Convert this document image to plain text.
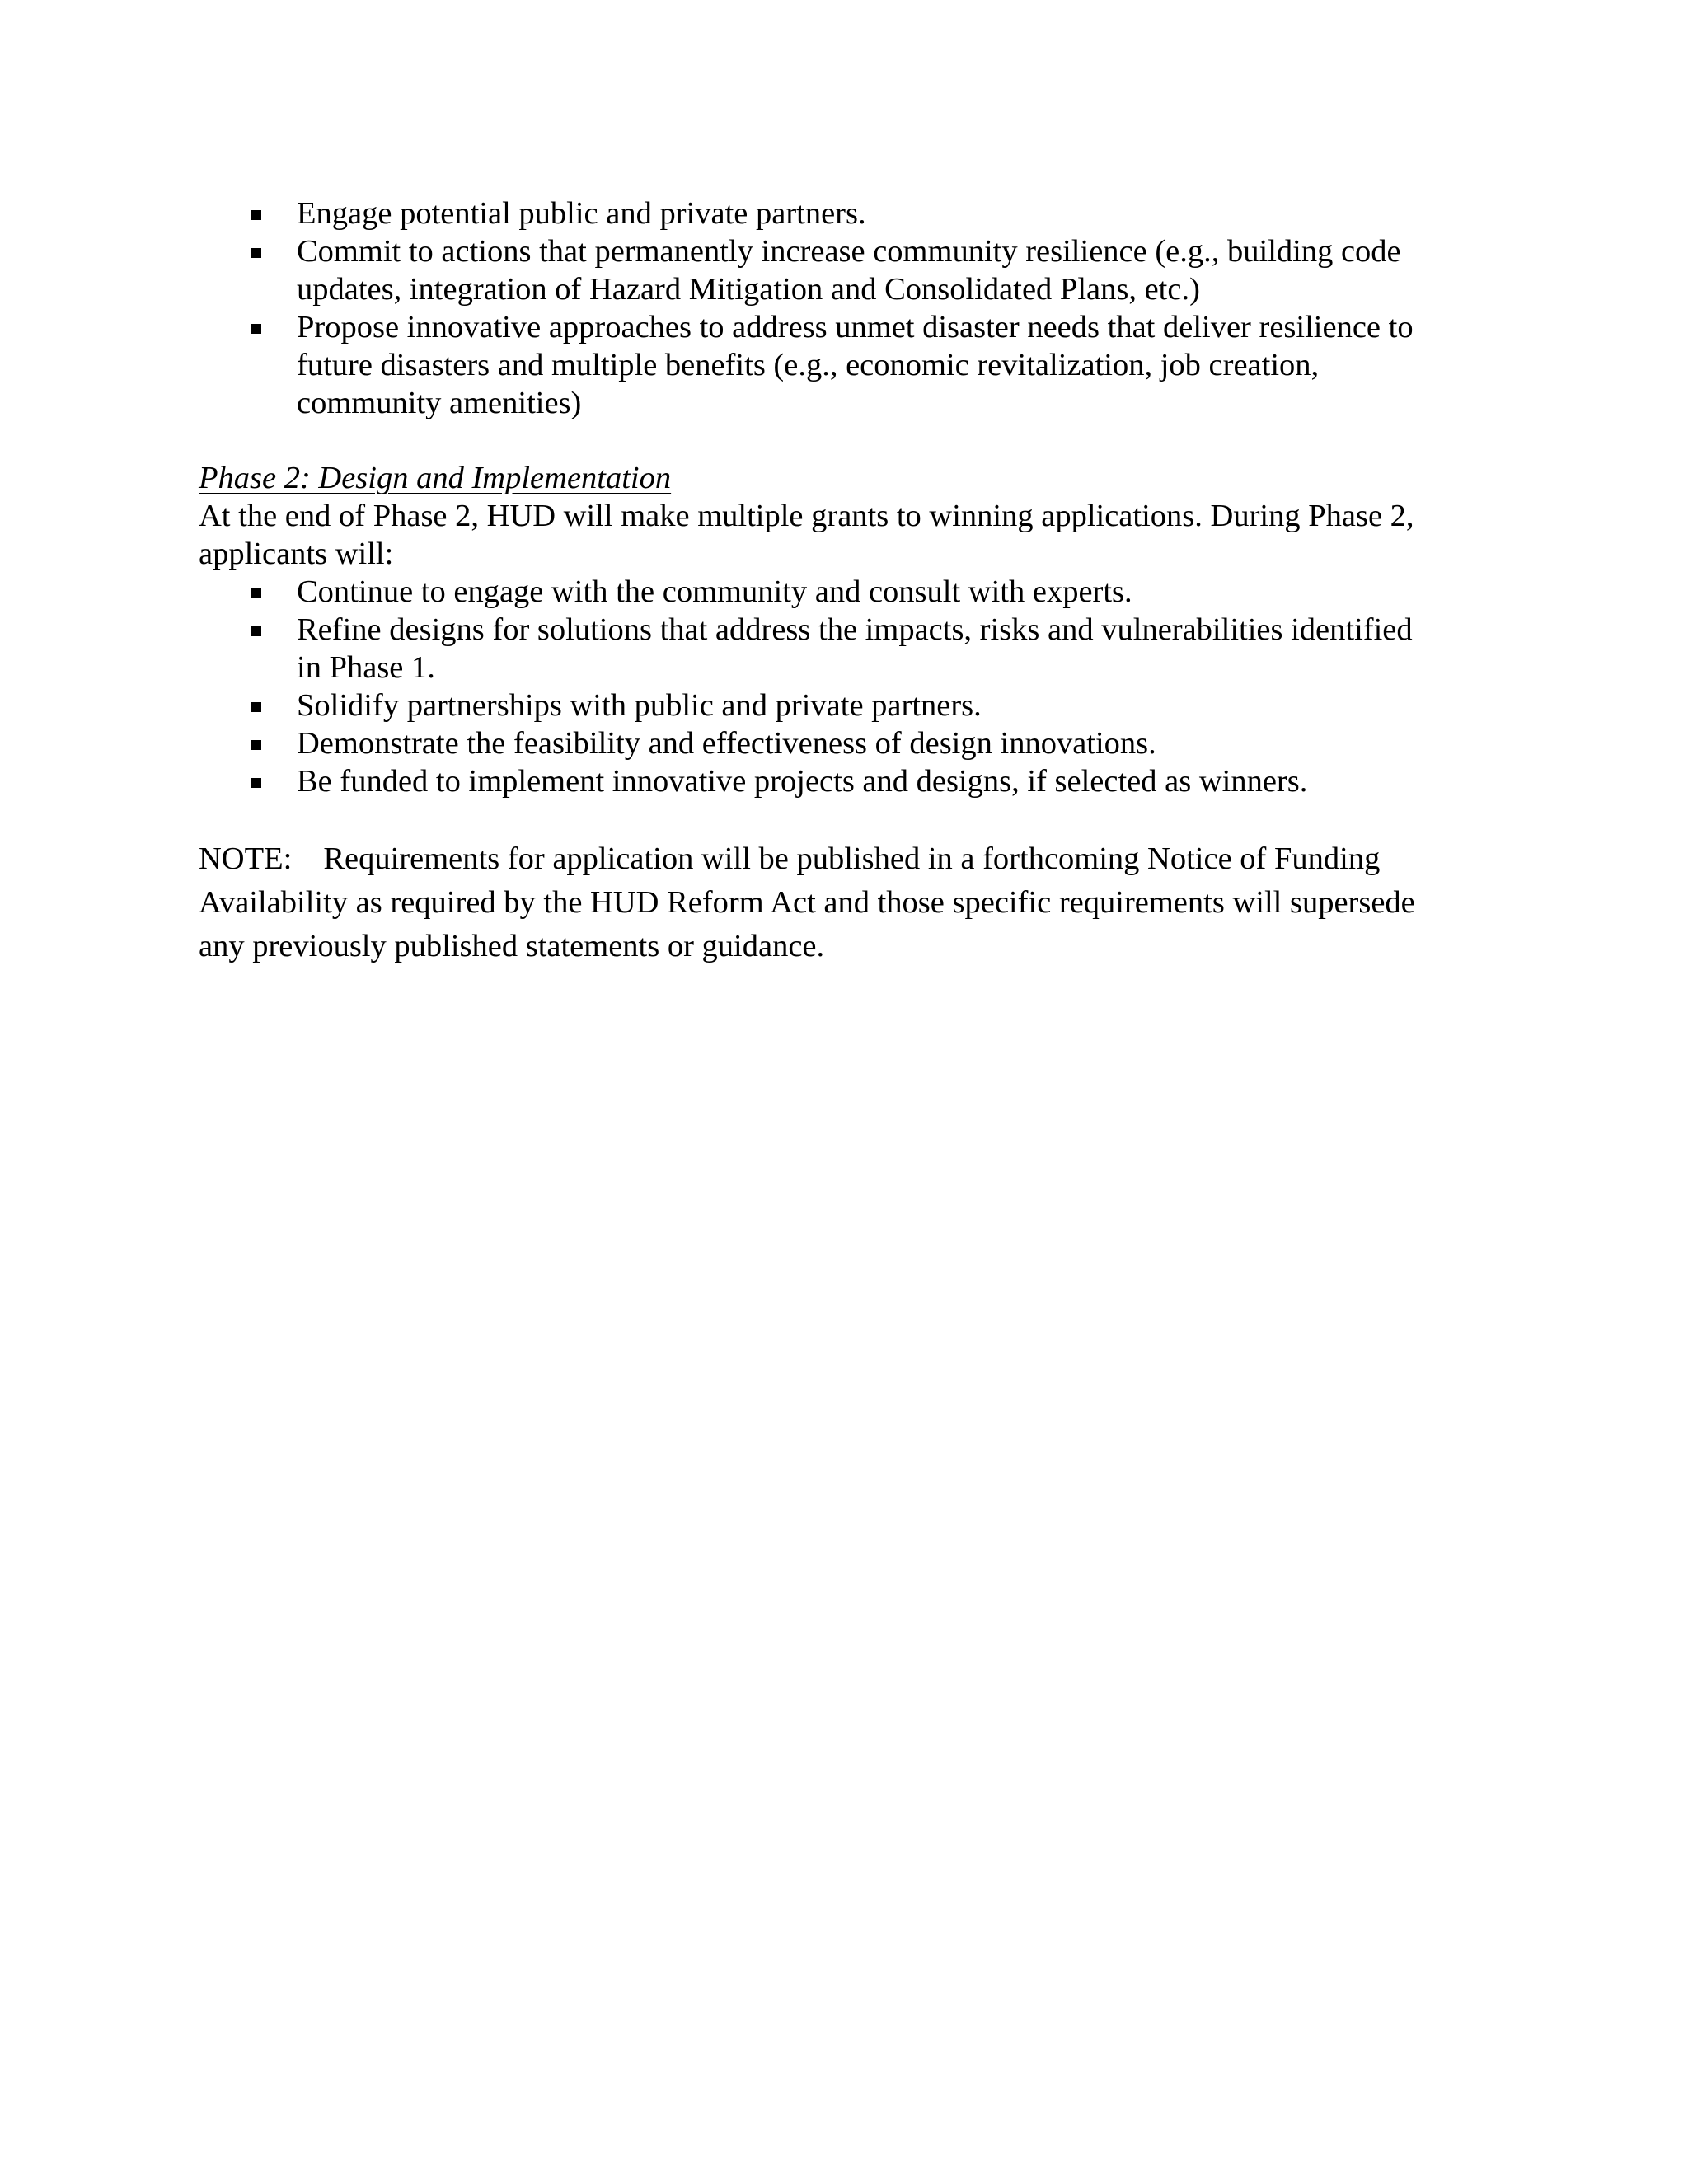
Engage potential public and private partners.
Commit to actions that permanently increase community resilience (e.g., building code
updates, integration of Hazard Mitigation and Consolidated Plans, etc.)
Propose innovative approaches to address unmet disaster needs that deliver resilience to
future disasters and multiple benefits (e.g., economic revitalization, job creation,
community amenities)
Phase 2: Design and Implementation
At the end of Phase 2, HUD will make multiple grants to winning applications. During Phase 2,
applicants will:
Continue to engage with the community and consult with experts.
Refine designs for solutions that address the impacts, risks and vulnerabilities identified
in Phase 1.
Solidify partnerships with public and private partners.
Demonstrate the feasibility and effectiveness of design innovations.
Be funded to implement innovative projects and designs, if selected as winners.
NOTE: Requirements for application will be published in a forthcoming Notice of Funding
Availability as required by the HUD Reform Act and those specific requirements will supersede
any previously published statements or guidance.
